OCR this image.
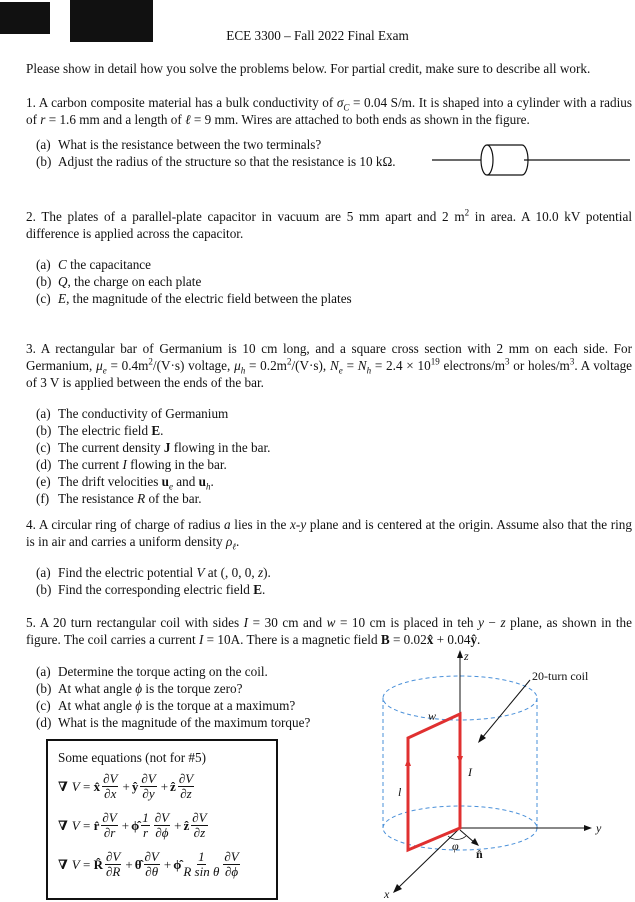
ECE 3300 – Fall 2022 Final Exam
Please show in detail how you solve the problems below. For partial credit, make sure to describe all work.

1. A carbon composite material has a bulk conductivity of $\sigma_C = 0.04$ S/m. It is shaped into a cylinder with a radius of r = 1.6 mm and a length of ℓ = 9 mm. Wires are attached to both ends as shown in the figure.

(a) What is the resistance between the two terminals?
(b) Adjust the radius of the structure so that the resistance is 10 kΩ.

2. The plates of a parallel-plate capacitor in vacuum are 5 mm apart and 2 $m^2$ in area. A 10.0 kV potential difference is applied across the capacitor.

(a) C the capacitance
(b) Q, the charge on each plate
(c) E, the magnitude of the electric field between the plates

3. A rectangular bar of Germanium is 10 cm long, and a square cross section with 2 mm on each side. For Germanium, $\mu_e = 0.4m^2/(V\cdot s)$ voltage, $\mu_h = 0.2m^2/(V\cdot s)$, $N_e = N_h = 2.4 \times 10^{19}$ electrons/$m^3$ or holes/$m^3$. A voltage of 3 V is applied between the ends of the bar.

(a) The conductivity of Germanium
(b) The electric field E.
(c) The current density J flowing in the bar.
(d) The current I flowing in the bar.
(e) The drift velocities $u_e$ and $u_h$.
(f) The resistance R of the bar.

4. A circular ring of charge of radius a lies in the x-y plane and is centered at the origin. Assume also that the ring is in air and carries a uniform density $\rho_\ell$.

(a) Find the electric potential V at (, 0, 0, z).
(b) Find the corresponding electric field E.

5. A 20 turn rectangular coil with sides I = 30 cm and w = 10 cm is placed in teh y − z plane, as shown in the figure. The coil carries a current I = 10A. There is a magnetic field B = 0.02x̂ + 0.04ŷ.

(a) Determine the torque acting on the coil.
(b) At what angle ϕ is the torque zero?
(c) At what angle ϕ is the torque at a maximum?
(d) What is the magnitude of the maximum torque?
Some equations (not for #5)
∇ V = x̂ $\frac{\partial V}{\partial x}$ + ŷ $\frac{\partial V}{\partial y}$ + ẑ $\frac{\partial V}{\partial z}$
∇ V = r̂ $\frac{\partial V}{\partial r}$ + ϕ̂ $\frac{1}{r} \frac{\partial V}{\partial\phi}$ + ẑ $\frac{\partial V}{\partial z}$
∇ V = R̂ $\frac{\partial V}{\partial R}$ + θ̂ $\frac{\partial V}{\partial\theta}$ + ϕ̂ $\frac{1}{\text{R sin θ}} \frac{\partial V}{\partial\phi}$
20-turn coil
w
l
I
φ
n̂
z
y
x
